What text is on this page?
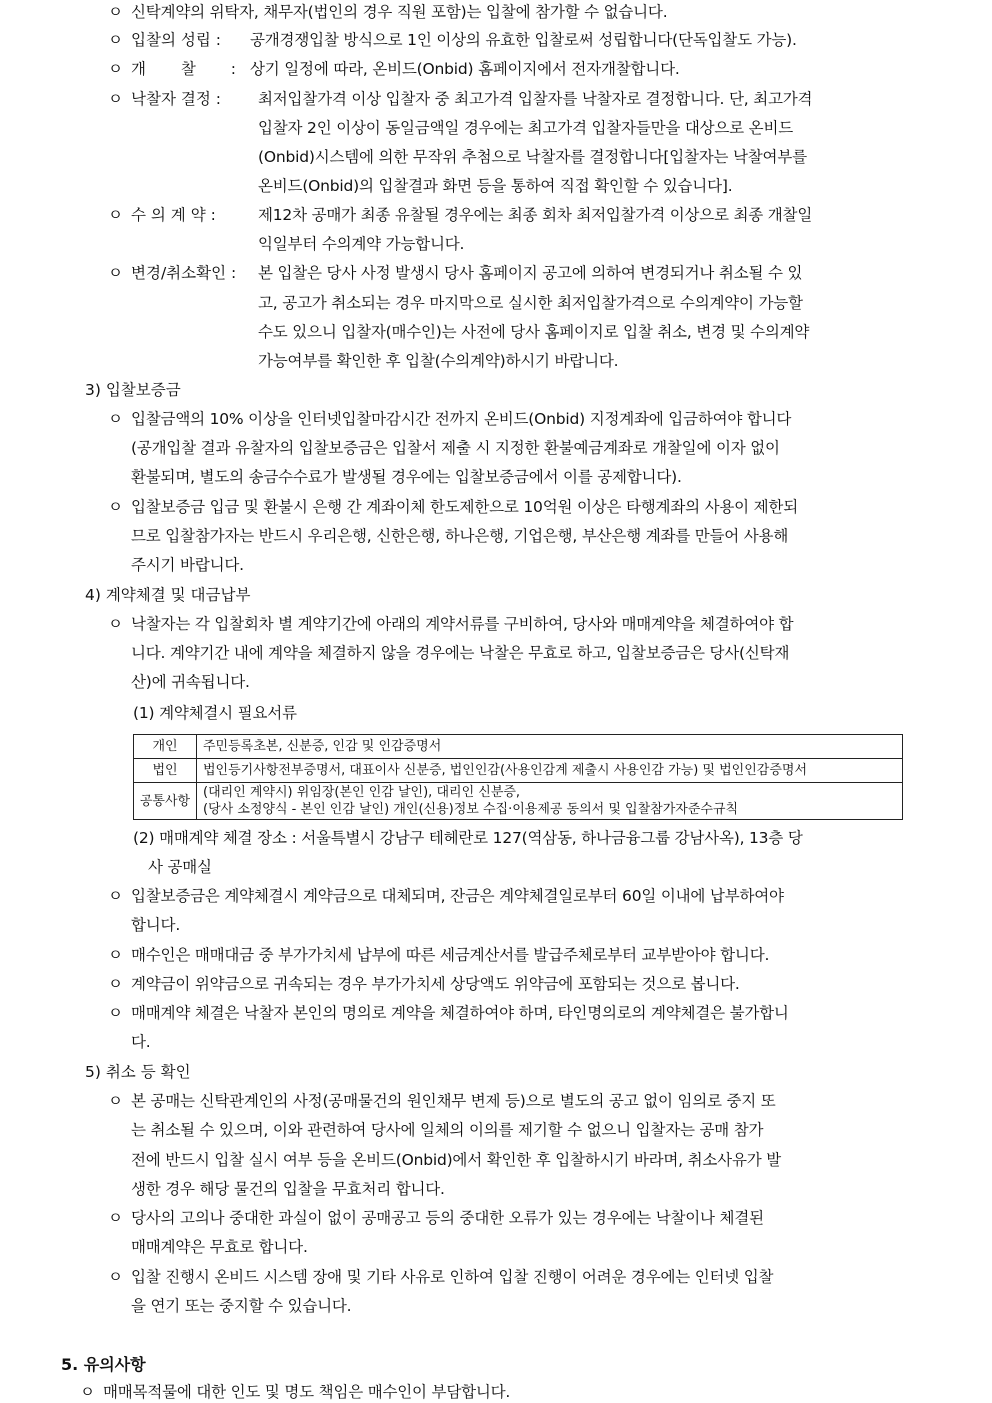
ㅇ 신탁계약의 위탁자, 채무자(법인의 경우 직원 포함)는 입찰에 참가할 수 없습니다.
ㅇ 입찰의 성립 : 공개경쟁입찰 방식으로 1인 이상의 유효한 입찰로써 성립합니다(단독입찰도 가능).
ㅇ 개 찰 : 상기 일정에 따라, 온비드(Onbid) 홈페이지에서 전자개찰합니다.
ㅇ 낙찰자 결정 : 최저입찰가격 이상 입찰자 중 최고가격 입찰자를 낙찰자로 결정합니다. 단, 최고가격
입찰자 2인 이상이 동일금액일 경우에는 최고가격 입찰자들만을 대상으로 온비드
(Onbid)시스템에 의한 무작위 추첨으로 낙찰자를 결정합니다[입찰자는 낙찰여부를
온비드(Onbid)의 입찰결과 화면 등을 통하여 직접 확인할 수 있습니다].
ㅇ 수 의 계 약 :	제12차 공매가 최종 유찰될 경우에는 최종 회차 최저입찰가격 이상으로 최종 개찰일
익일부터 수의계약 가능합니다.
ㅇ 변경/취소확인 : 본 입찰은 당사 사정 발생시 당사 홈페이지 공고에 의하여 변경되거나 취소될 수 있
고, 공고가 취소되는 경우 마지막으로 실시한 최저입찰가격으로 수의계약이 가능할
수도 있으니 입찰자(매수인)는 사전에 당사 홈페이지로 입찰 취소, 변경 및 수의계약
가능여부를 확인한 후 입찰(수의계약)하시기 바랍니다.
3) 입찰보증금
ㅇ 입찰금액의 10% 이상을 인터넷입찰마감시간 전까지 온비드(Onbid) 지정계좌에 입금하여야 합니다
(공개입찰 결과 유찰자의 입찰보증금은 입찰서 제출 시 지정한 환불예금계좌로 개찰일에 이자 없이
환불되며, 별도의 송금수수료가 발생될 경우에는 입찰보증금에서 이를 공제합니다).
ㅇ 입찰보증금 입금 및 환불시 은행 간 계좌이체 한도제한으로 10억원 이상은 타행계좌의 사용이 제한되
므로 입찰참가자는 반드시 우리은행, 신한은행, 하나은행, 기업은행, 부산은행 계좌를 만들어 사용해
주시기 바랍니다.
4) 계약체결 및 대금납부
ㅇ 낙찰자는 각 입찰회차 별 계약기간에 아래의 계약서류를 구비하여, 당사와 매매계약을 체결하여야 합
니다. 계약기간 내에 계약을 체결하지 않을 경우에는 낙찰은 무효로 하고, 입찰보증금은 당사(신탁재
산)에 귀속됩니다.
(1) 계약체결시 필요서류
개인	주민등록초본, 신분증, 인감 및 인감증명서
법인	법인등기사항전부증명서, 대표이사 신분증, 법인인감(사용인감계 제출시 사용인감 가능) 및 법인인감증명서
공통사항	(대리인 계약시) 위임장(본인 인감 날인), 대리인 신분증,
(당사 소정양식 - 본인 인감 날인) 개인(신용)정보 수집·이용제공 동의서 및 입찰참가자준수규칙
(2) 매매계약 체결 장소 : 서울특별시 강남구 테헤란로 127(역삼동, 하나금융그룹 강남사옥), 13층 당
사 공매실
ㅇ 입찰보증금은 계약체결시 계약금으로 대체되며, 잔금은 계약체결일로부터 60일 이내에 납부하여야
합니다.
ㅇ 매수인은 매매대금 중 부가가치세 납부에 따른 세금계산서를 발급주체로부터 교부받아야 합니다.
ㅇ 계약금이 위약금으로 귀속되는 경우 부가가치세 상당액도 위약금에 포함되는 것으로 봅니다.
ㅇ 매매계약 체결은 낙찰자 본인의 명의로 계약을 체결하여야 하며, 타인명의로의 계약체결은 불가합니
다.
5) 취소 등 확인
ㅇ 본 공매는 신탁관계인의 사정(공매물건의 원인채무 변제 등)으로 별도의 공고 없이 임의로 중지 또
는 취소될 수 있으며, 이와 관련하여 당사에 일체의 이의를 제기할 수 없으니 입찰자는 공매 참가
전에 반드시 입찰 실시 여부 등을 온비드(Onbid)에서 확인한 후 입찰하시기 바라며, 취소사유가 발
생한 경우 해당 물건의 입찰을 무효처리 합니다.
ㅇ 당사의 고의나 중대한 과실이 없이 공매공고 등의 중대한 오류가 있는 경우에는 낙찰이나 체결된
매매계약은 무효로 합니다.
ㅇ 입찰 진행시 온비드 시스템 장애 및 기타 사유로 인하여 입찰 진행이 어려운 경우에는 인터넷 입찰
을 연기 또는 중지할 수 있습니다.
5. 유의사항
ㅇ 매매목적물에 대한 인도 및 명도 책임은 매수인이 부담합니다.
